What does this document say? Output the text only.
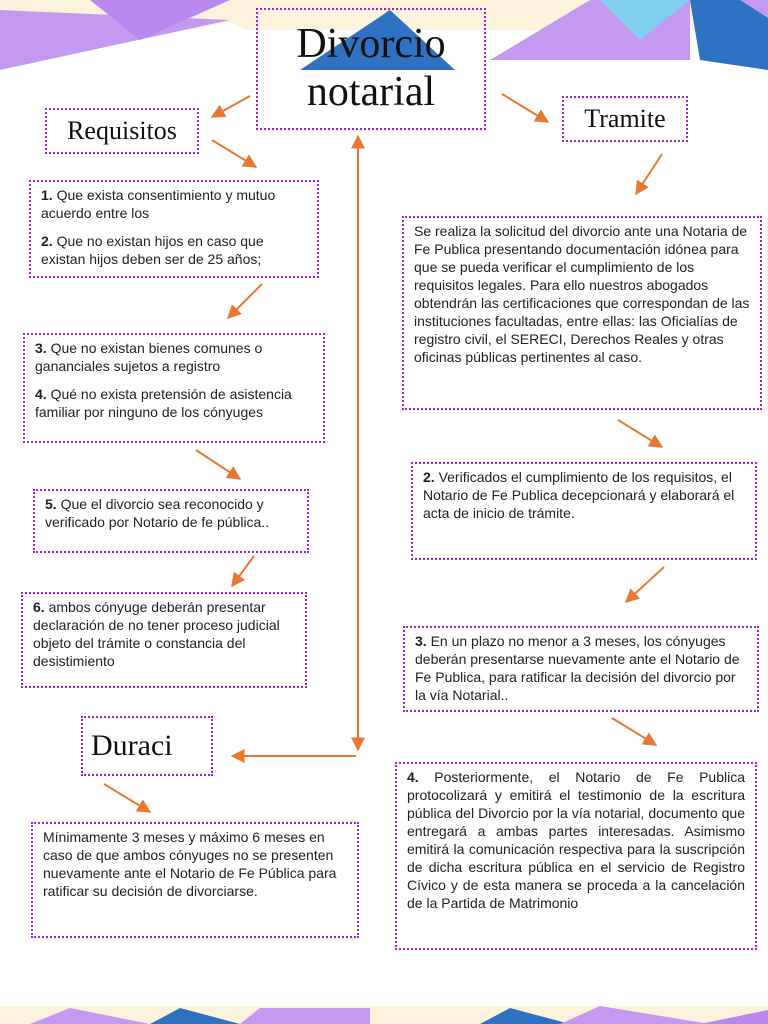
Divorcio
notarial
Requisitos	Tramite
Duraci

1. Que exista consentimiento y mutuo acuerdo entre los

2. Que no existan hijos en caso que existan hijos deben ser de 25 años;

3. Que no existan bienes comunes o gananciales sujetos a registro

4. Qué no exista pretensión de asistencia familiar por ninguno de los cónyuges

5. Que el divorcio sea reconocido y verificado por Notario de fe pública..

6. ambos cónyuge deberán presentar declaración de no tener proceso judicial objeto del trámite o constancia del desistimiento

Mínimamente 3 meses y máximo 6 meses en caso de que ambos cónyuges no se presenten nuevamente ante el Notario de Fe Pública para ratificar su decisión de divorciarse.

Se realiza la solicitud del divorcio ante una Notaria de Fe Publica presentando documentación idónea para que se pueda verificar el cumplimiento de los requisitos legales. Para ello nuestros abogados obtendrán las certificaciones que correspondan de las instituciones facultadas, entre ellas: las Oficialías de registro civil, el SERECI, Derechos Reales y otras oficinas públicas pertinentes al caso.

2. Verificados el cumplimiento de los requisitos, el Notario de Fe Publica decepcionará y elaborará el acta de inicio de trámite.

3. En un plazo no menor a 3 meses, los cónyuges deberán presentarse nuevamente ante el Notario de Fe Publica, para ratificar la decisión del divorcio por la vía Notarial..

4. Posteriormente, el Notario de Fe Publica protocolizará y emitirá el testimonio de la escritura pública del Divorcio por la vía notarial, documento que entregará a ambas partes interesadas. Asimismo emitirá la comunicación respectiva para la suscripción de dicha escritura pública en el servicio de Registro Cívico y de esta manera se proceda a la cancelación de la Partida de Matrimonio
